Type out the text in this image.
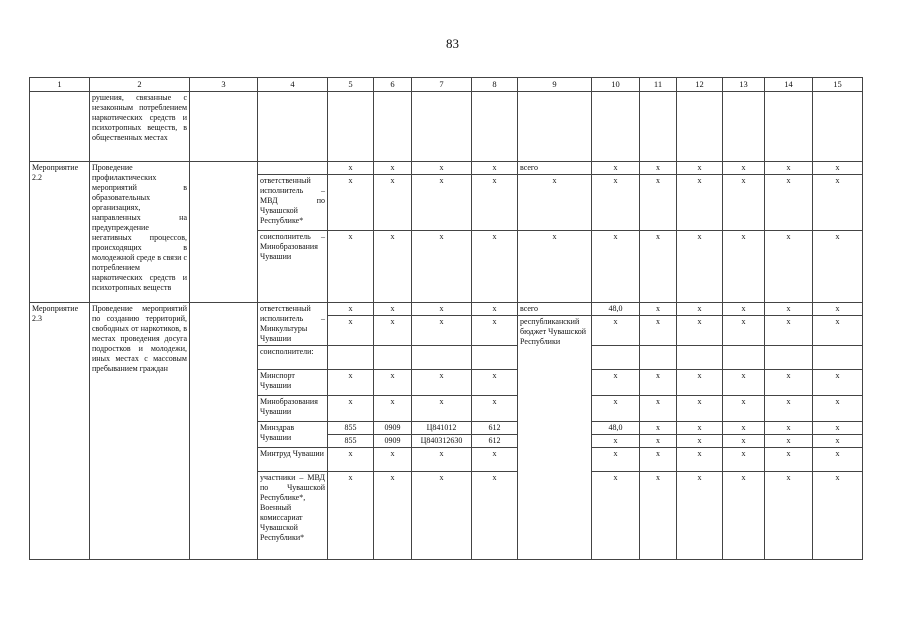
83
1	2	3	4	5	6	7	8	9	10	11	12	13	14	15
	рушения, связанные с незаконным потреблением наркотических средств и психотропных веществ, в общественных местах													
Мероприятие 2.2	Проведение профилактических мероприятий в образовательных организациях, направленных на предупреждение негативных процессов, происходящих в молодежной среде в связи с потреблением наркотических средств и психотропных веществ			x	x	x	x	всего	x	x	x	x	x	x
			ответственный исполнитель – МВД по Чувашской Республике*	x	x	x	x	x	x	x	x	x	x	x
			соисполнитель – Минобразования Чувашии	x	x	x	x	x	x	x	x	x	x	x
Мероприятие 2.3	Проведение мероприятий по созданию территорий, свободных от наркотиков, в местах проведения досуга подростков и молодежи, иных местах с массовым пребыванием граждан		ответственный исполнитель – Минкультуры Чувашии	x	x	x	x	всего	48,0	x	x	x	x	x
				x	x	x	x	республиканский бюджет Чувашской Республики	x	x	x	x	x	x
			соисполнители:											
			Минспорт Чувашии	x	x	x	x		x	x	x	x	x	x
			Минобразования Чувашии	x	x	x	x		x	x	x	x	x	x
			Минздрав Чувашии	855	0909	Ц841012	612		48,0	x	x	x	x	x
				855	0909	Ц840312630	612		x	x	x	x	x	x
			Минтруд Чувашии	x	x	x	x		x	x	x	x	x	x
			участники – МВД по Чувашской Республике*, Военный комиссариат Чувашской Республики*	x	x	x	x		x	x	x	x	x	x
